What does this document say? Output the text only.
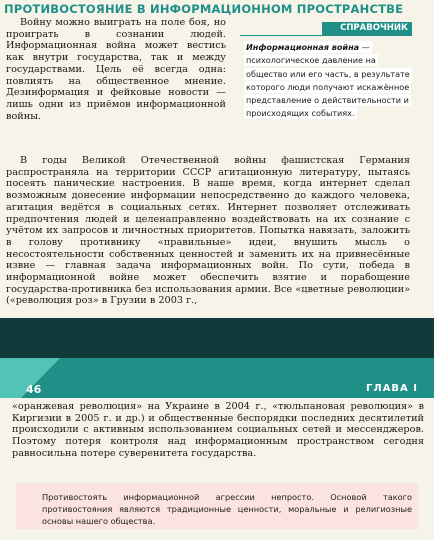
ПРОТИВОСТОЯНИЕ В ИНФОРМАЦИОННОМ ПРОСТРАНСТВЕ

Войну можно выиграть на поле боя, но проиграть в сознании людей. Информационная война может вестись как внутри государства, так и между государствами. Цель её всегда одна: повлиять на общественное мнение. Дезинформация и фейковые новости — лишь одни из приёмов информационной войны.

СПРАВОЧНИК

Информационная война — психологическое давление на общество или его часть, в результате которого люди получают искажённое представление о действительности и происходящих событиях.

В годы Великой Отечественной войны фашистская Германия распространяла на территории СССР агитационную литературу, пытаясь посеять панические настроения. В наше время, когда интернет сделал возможным донесение информации непосредственно до каждого человека, агитация ведётся в социальных сетях. Интернет позволяет отслеживать предпочтения людей и целенаправленно воздействовать на их сознание с учётом их запросов и личностных приоритетов. Попытка навязать, заложить в голову противнику «правильные» идеи, внушить мысль о несостоятельности собственных ценностей и заменить их на привнесённые извне — главная задача информационных войн. По сути, победа в информационной войне может обеспечить взятие и порабощение государства-противника без использования армии. Все «цветные революции» («революция роз» в Грузии в 2003 г.,

46	ГЛАВА I

«оранжевая революция» на Украине в 2004 г., «тюльпановая революция» в Киргизии в 2005 г. и др.) и общественные беспорядки последних десятилетий происходили с активным использованием социальных сетей и мессенджеров. Поэтому потеря контроля над информационным пространством сегодня равносильна потере суверенитета государства.

Противостоять информационной агрессии непросто. Основой такого противостояния являются традиционные ценности, моральные и религиозные основы нашего общества.
